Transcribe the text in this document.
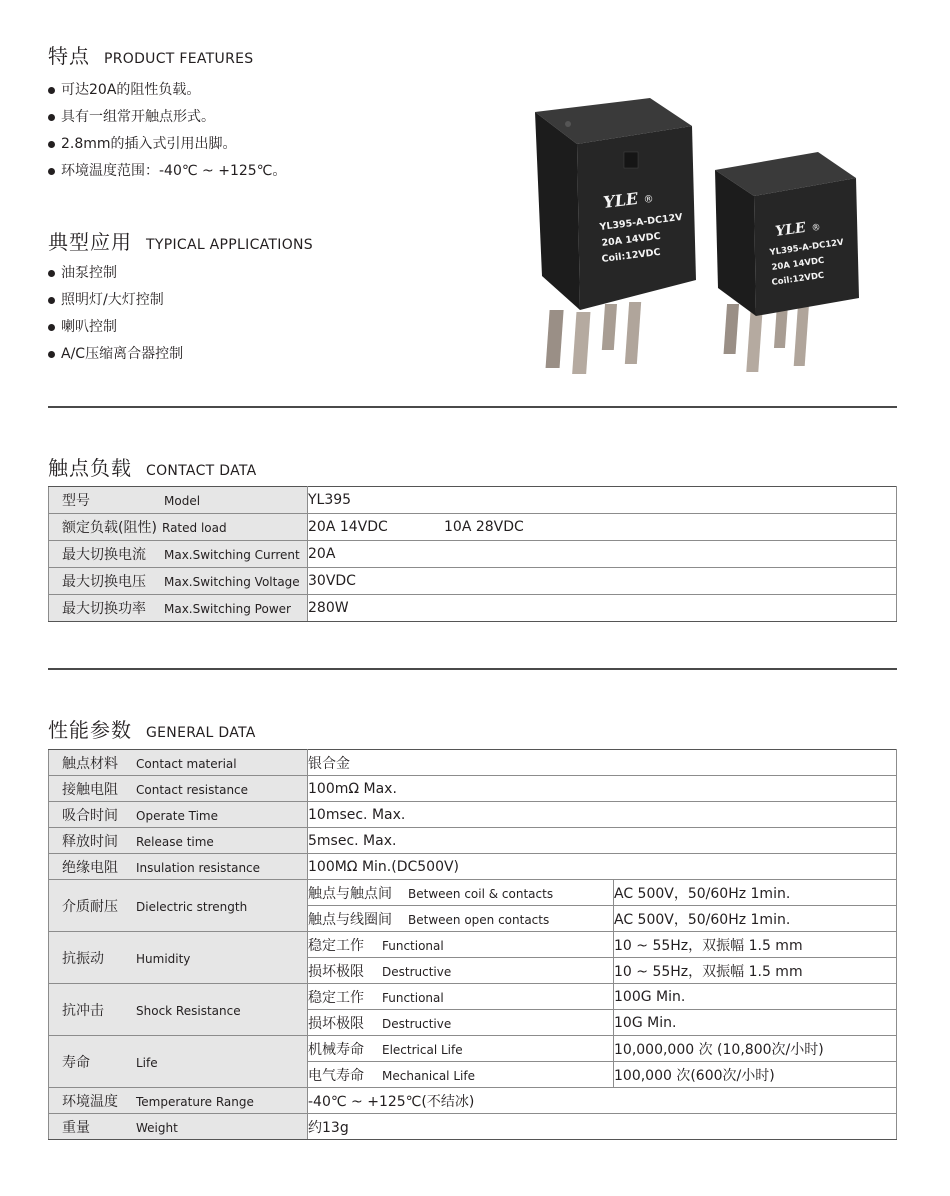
特点 PRODUCT FEATURES
可达20A的阻性负载。
具有一组常开触点形式。
2.8mm的插入式引用出脚。
环境温度范围：-40℃ ~ +125℃。
典型应用 TYPICAL APPLICATIONS
油泵控制
照明灯/大灯控制
喇叭控制
A/C压缩离合器控制
YLE ®
YL395-A-DC12V
20A 14VDC
Coil:12VDC
YLE ®
YL395-A-DC12V
20A 14VDC
Coil:12VDC
触点负载 CONTACT DATA
型号 Model	YL395
额定负载(阻性) Rated load	20A 14VDC 10A 28VDC
最大切换电流 Max.Switching Current	20A
最大切换电压 Max.Switching Voltage	30VDC
最大切换功率 Max.Switching Power	280W
性能参数 GENERAL DATA
触点材料 Contact material	银合金	
接触电阻 Contact resistance	100mΩ Max.	
吸合时间 Operate Time	10msec. Max.	
释放时间 Release time	5msec. Max.	
绝缘电阻 Insulation resistance	100MΩ Min.(DC500V)	
介质耐压 Dielectric strength	触点与触点间 Between coil & contacts	AC 500V，50/60Hz 1min.
	触点与线圈间 Between open contacts	AC 500V，50/60Hz 1min.
抗振动 Humidity	稳定工作 Functional	10 ~ 55Hz，双振幅 1.5 mm
	损坏极限 Destructive	10 ~ 55Hz，双振幅 1.5 mm
抗冲击 Shock Resistance	稳定工作 Functional	100G Min.
	损坏极限 Destructive	10G Min.
寿命 Life	机械寿命 Electrical Life	10,000,000 次 (10,800次/小时)
	电气寿命 Mechanical Life	100,000 次(600次/小时)
环境温度 Temperature Range	-40℃ ~ +125℃(不结冰)	
重量 Weight	约13g	
